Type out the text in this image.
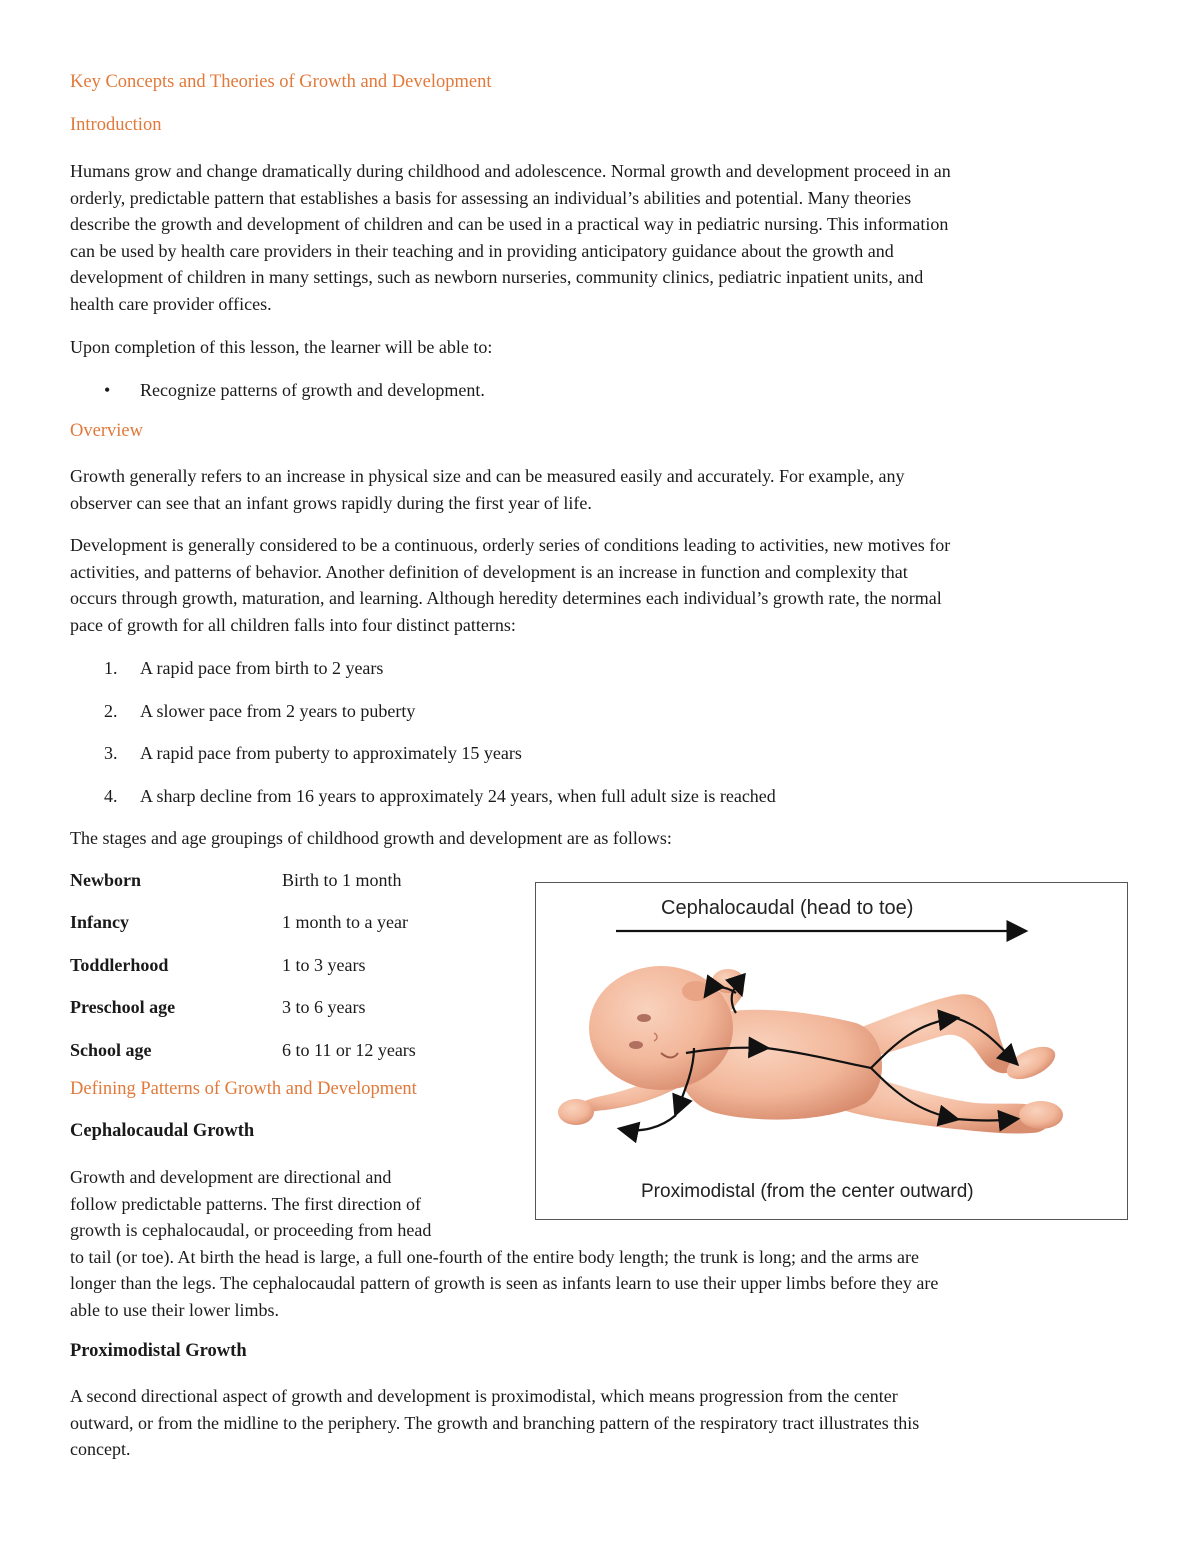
Key Concepts and Theories of Growth and Development
Introduction
Humans grow and change dramatically during childhood and adolescence. Normal growth and development proceed in an
orderly, predictable pattern that establishes a basis for assessing an individual’s abilities and potential. Many theories
describe the growth and development of children and can be used in a practical way in pediatric nursing. This information
can be used by health care providers in their teaching and in providing anticipatory guidance about the growth and
development of children in many settings, such as newborn nurseries, community clinics, pediatric inpatient units, and
health care provider offices.
Upon completion of this lesson, the learner will be able to:
• Recognize patterns of growth and development.
Overview
Growth generally refers to an increase in physical size and can be measured easily and accurately. For example, any
observer can see that an infant grows rapidly during the first year of life.
Development is generally considered to be a continuous, orderly series of conditions leading to activities, new motives for
activities, and patterns of behavior. Another definition of development is an increase in function and complexity that
occurs through growth, maturation, and learning. Although heredity determines each individual’s growth rate, the normal
pace of growth for all children falls into four distinct patterns:
1. A rapid pace from birth to 2 years
2. A slower pace from 2 years to puberty
3. A rapid pace from puberty to approximately 15 years
4. A sharp decline from 16 years to approximately 24 years, when full adult size is reached
The stages and age groupings of childhood growth and development are as follows:
Newborn	Birth to 1 month
Infancy	1 month to a year
Toddlerhood	1 to 3 years
Preschool age	3 to 6 years
School age	6 to 11 or 12 years
Defining Patterns of Growth and Development
Cephalocaudal Growth
Growth and development are directional and
follow predictable patterns. The first direction of
growth is cephalocaudal, or proceeding from head
to tail (or toe). At birth the head is large, a full one-fourth of the entire body length; the trunk is long; and the arms are
longer than the legs. The cephalocaudal pattern of growth is seen as infants learn to use their upper limbs before they are
able to use their lower limbs.
Proximodistal Growth
A second directional aspect of growth and development is proximodistal, which means progression from the center
outward, or from the midline to the periphery. The growth and branching pattern of the respiratory tract illustrates this
concept.
Cephalocaudal (head to toe)
Proximodistal (from the center outward)
